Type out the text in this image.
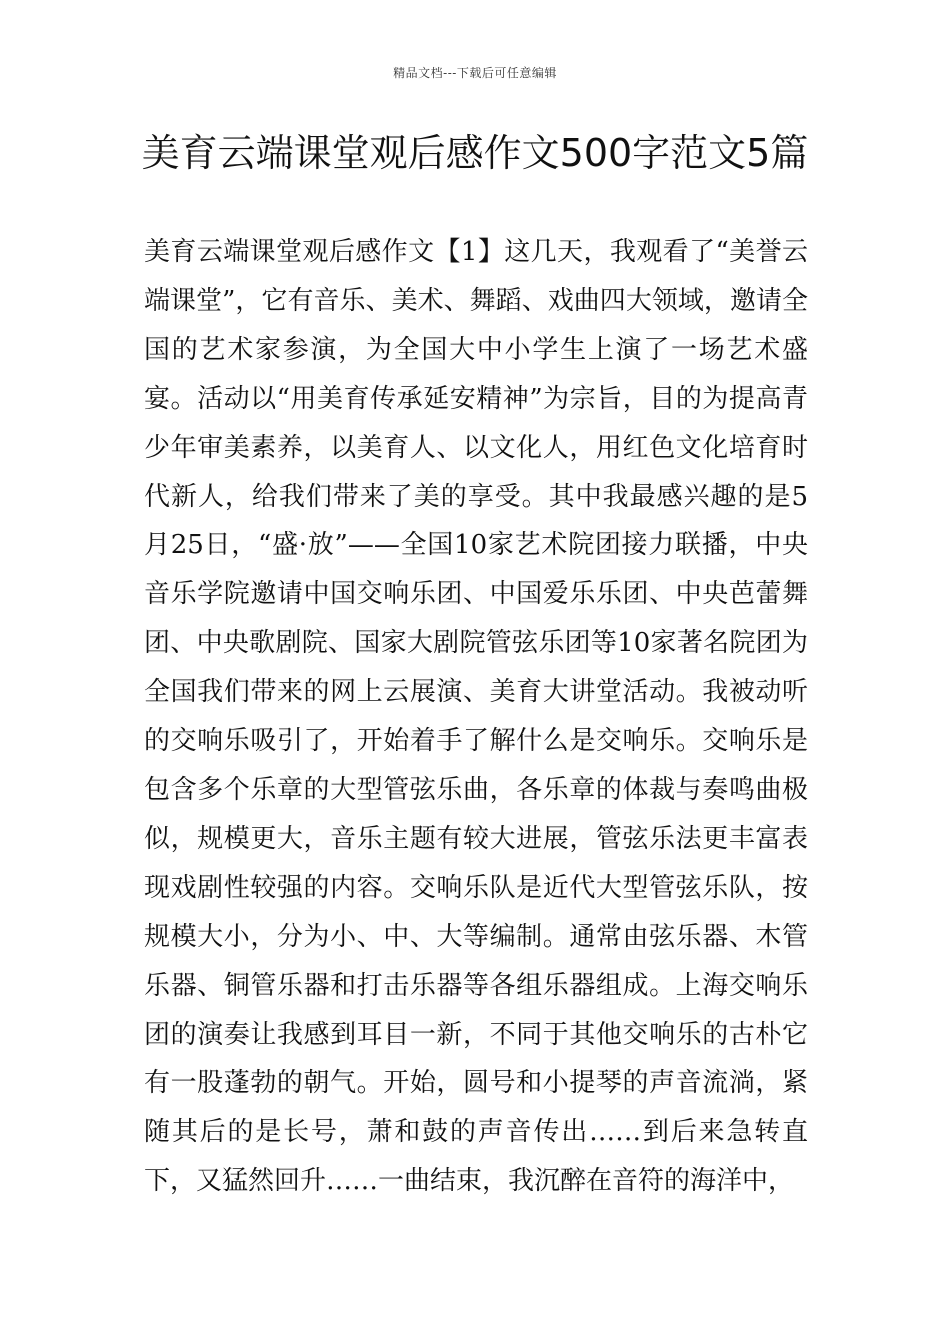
精品文档---下载后可任意编辑
美育云端课堂观后感作文500字范文5篇

美育云端课堂观后感作文【1】这几天，我观看了“美誉云端课堂”，它有音乐、美术、舞蹈、戏曲四大领域，邀请全国的艺术家参演，为全国大中小学生上演了一场艺术盛宴。活动以“用美育传承延安精神”为宗旨，目的为提高青少年审美素养，以美育人、以文化人，用红色文化培育时代新人，给我们带来了美的享受。其中我最感兴趣的是5月25日，“盛·放”——全国10家艺术院团接力联播，中央音乐学院邀请中国交响乐团、中国爱乐乐团、中央芭蕾舞团、中央歌剧院、国家大剧院管弦乐团等10家著名院团为全国我们带来的网上云展演、美育大讲堂活动。我被动听的交响乐吸引了，开始着手了解什么是交响乐。交响乐是包含多个乐章的大型管弦乐曲，各乐章的体裁与奏鸣曲极似，规模更大，音乐主题有较大进展，管弦乐法更丰富表现戏剧性较强的内容。交响乐队是近代大型管弦乐队，按规模大小，分为小、中、大等编制。通常由弦乐器、木管乐器、铜管乐器和打击乐器等各组乐器组成。上海交响乐团的演奏让我感到耳目一新，不同于其他交响乐的古朴它有一股蓬勃的朝气。开始，圆号和小提琴的声音流淌，紧随其后的是长号，萧和鼓的声音传出……到后来急转直下，又猛然回升……一曲结束，我沉醉在音符的海洋中，
